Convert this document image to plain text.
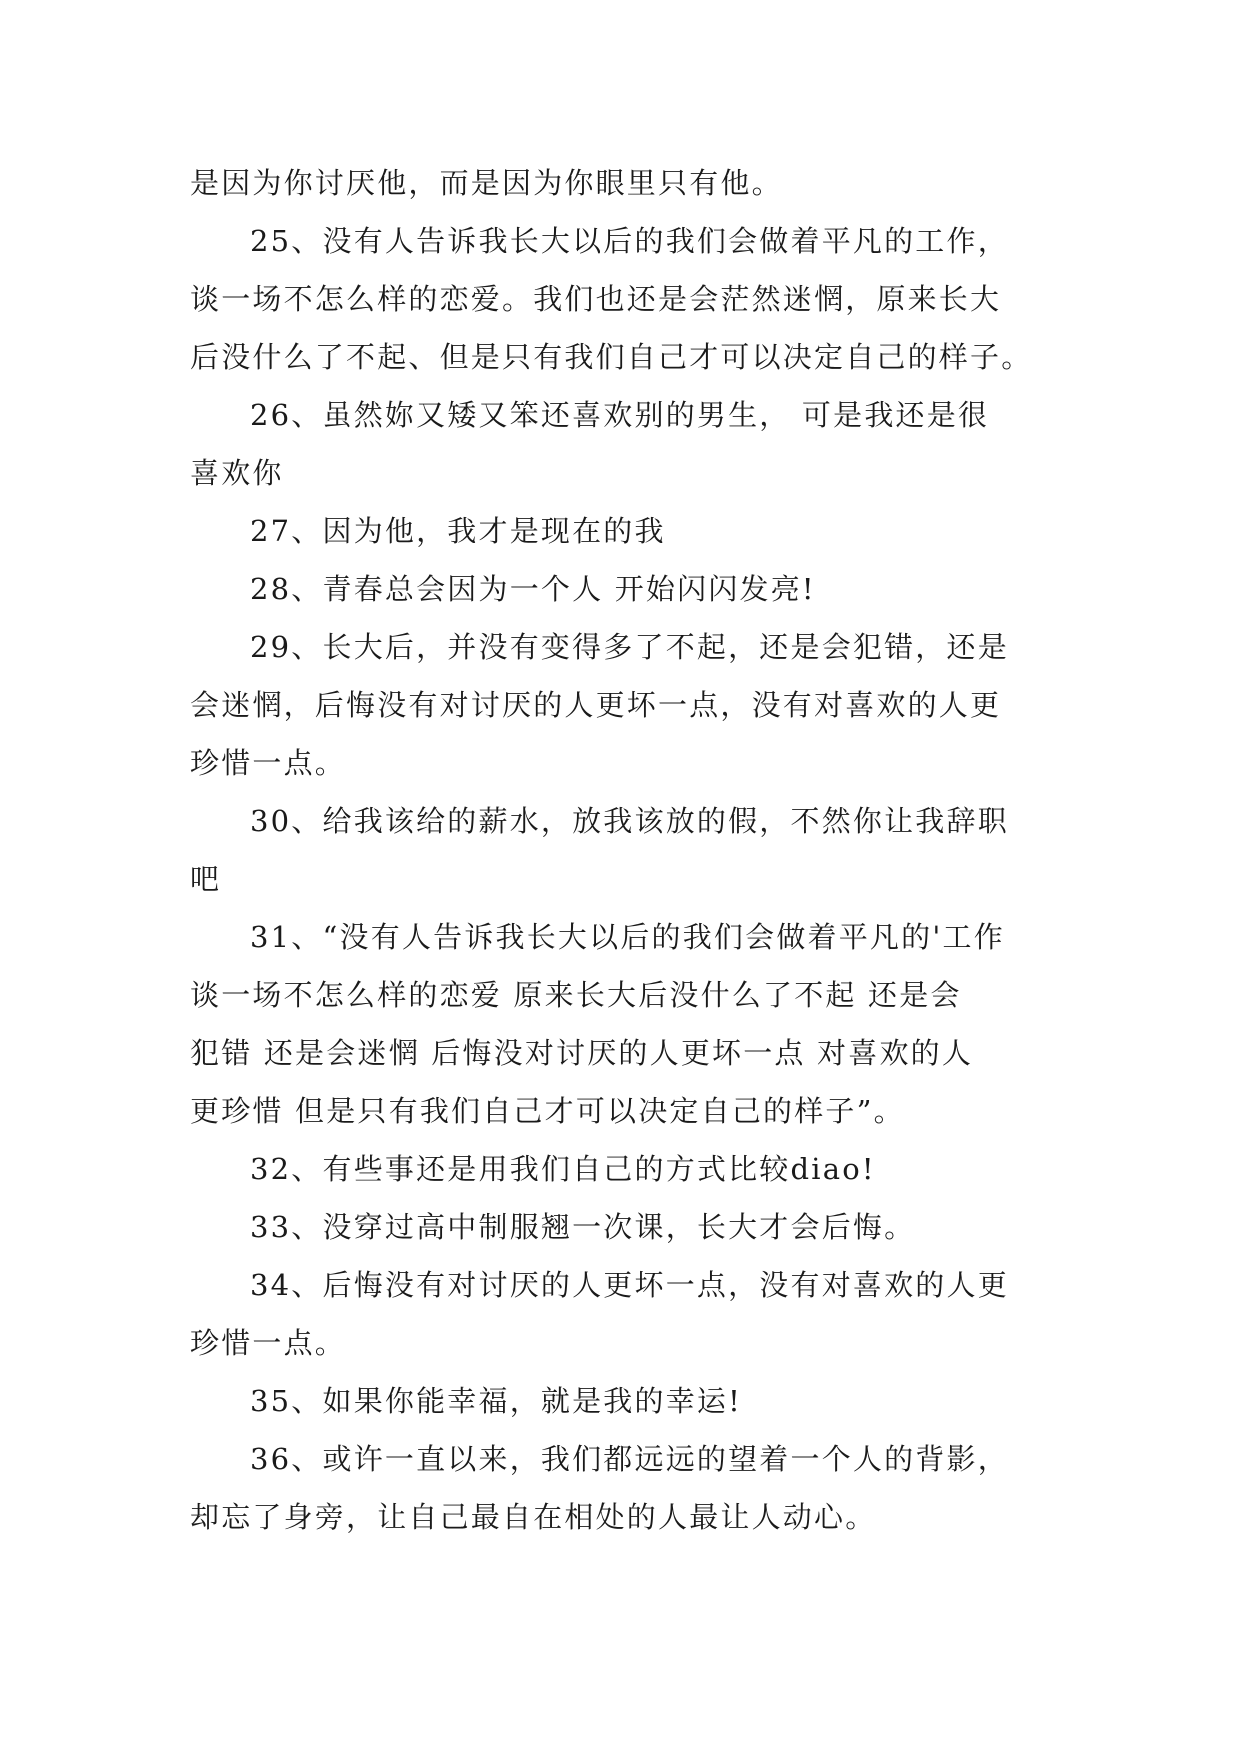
是因为你讨厌他，而是因为你眼里只有他。
25、没有人告诉我长大以后的我们会做着平凡的工作，
谈一场不怎么样的恋爱。我们也还是会茫然迷惘，原来长大
后没什么了不起、但是只有我们自己才可以决定自己的样子。
26、虽然妳又矮又笨还喜欢别的男生， 可是我还是很
喜欢你
27、因为他，我才是现在的我
28、青春总会因为一个人 开始闪闪发亮!
29、长大后，并没有变得多了不起，还是会犯错，还是
会迷惘，后悔没有对讨厌的人更坏一点，没有对喜欢的人更
珍惜一点。
30、给我该给的薪水，放我该放的假，不然你让我辞职
吧
31、“没有人告诉我长大以后的我们会做着平凡的'工作
谈一场不怎么样的恋爱 原来长大后没什么了不起 还是会
犯错 还是会迷惘 后悔没对讨厌的人更坏一点 对喜欢的人
更珍惜 但是只有我们自己才可以决定自己的样子”。
32、有些事还是用我们自己的方式比较diao!
33、没穿过高中制服翘一次课，长大才会后悔。
34、后悔没有对讨厌的人更坏一点，没有对喜欢的人更
珍惜一点。
35、如果你能幸福，就是我的幸运!
36、或许一直以来，我们都远远的望着一个人的背影，
却忘了身旁，让自己最自在相处的人最让人动心。
